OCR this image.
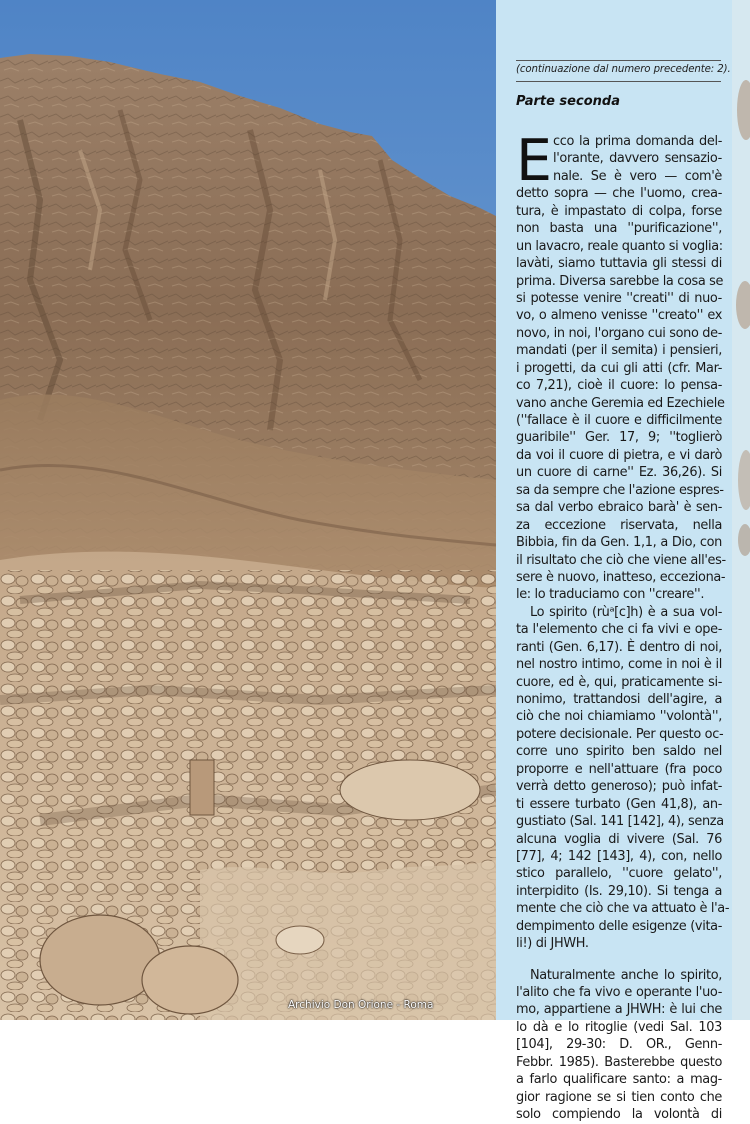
(continuazione dal numero precedente: 2).
Parte seconda
E cco la prima domanda del-
l'orante, davvero sensazio-
nale. Se è vero — com'è
detto sopra — che l'uomo, crea-
tura, è impastato di colpa, forse
non basta una ''purificazione'',
un lavacro, reale quanto si voglia:
lavàti, siamo tuttavia gli stessi di
prima. Diversa sarebbe la cosa se
si potesse venire ''creati'' di nuo-
vo, o almeno venisse ''creato'' ex
novo, in noi, l'organo cui sono de-
mandati (per il semita) i pensieri,
i progetti, da cui gli atti (cfr. Mar-
co 7,21), cioè il cuore: lo pensa-
vano anche Geremia ed Ezechiele
(''fallace è il cuore e difficilmente
guaribile'' Ger. 17, 9; ''toglierò
da voi il cuore di pietra, e vi darò
un cuore di carne'' Ez. 36,26). Si
sa da sempre che l'azione espres-
sa dal verbo ebraico barà' è sen-
za eccezione riservata, nella
Bibbia, fin da Gen. 1,1, a Dio, con
il risultato che ciò che viene all'es-
sere è nuovo, inatteso, eccezionа-
le: lo traduciamo con ''creare''.
Lo spirito (rùᵃ[c]h) è a sua vol-
ta l'elemento che ci fa vivi e ope-
ranti (Gen. 6,17). È dentro di noi,
nel nostro intimo, come in noi è il
cuore, ed è, qui, praticamente si-
nonimo, trattandosi dell'agire, a
ciò che noi chiamiamo ''volontà'',
potere decisionale. Per questo oc-
corre uno spirito ben saldo nel
proporre e nell'attuare (fra poco
verrà detto generoso); può infat-
ti essere turbato (Gen 41,8), an-
gustiato (Sal. 141 [142], 4), senza
alcuna voglia di vivere (Sal. 76
[77], 4; 142 [143], 4), con, nello
stico parallelo, ''cuore gelato'',
interpidito (Is. 29,10). Si tenga a
mente che ciò che va attuato è l'a-
dempimento delle esigenze (vita-
li!) di JHWH.
Naturalmente anche lo spirito,
l'alito che fa vivo e operante l'uo-
mo, appartiene a JHWH: è lui che
lo dà e lo ritoglie (vedi Sal. 103
[104], 29-30: D. OR., Genn-
Febbr. 1985). Basterebbe questo
a farlo qualificare santo: a mag-
gior ragione se si tien conto che
solo compiendo la volontà di
Archivio Don Orione - Roma
